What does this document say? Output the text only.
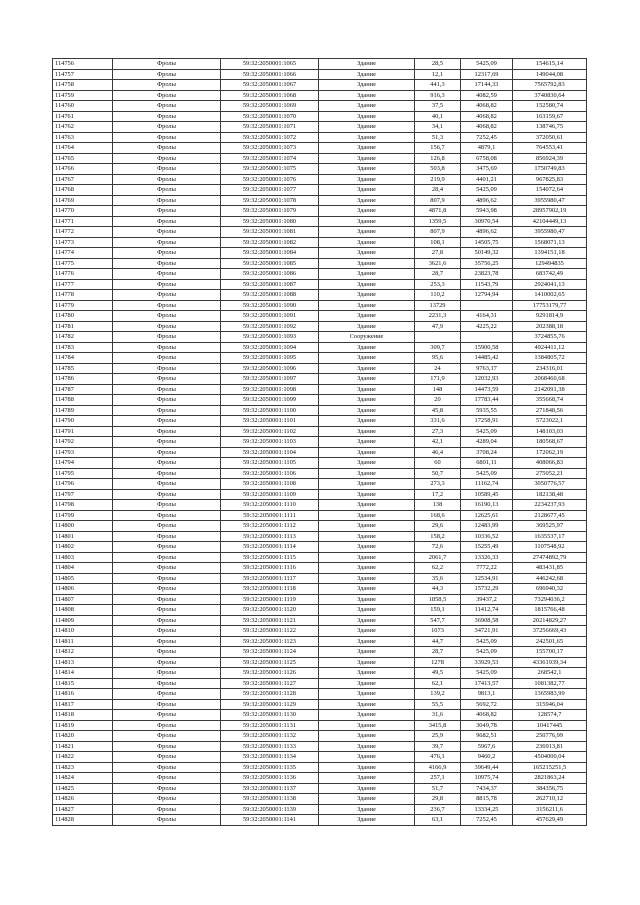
114756	Фролы	59:32:2050001:1065	Здание	28,5	5425,09	154615,14
114757	Фролы	59:32:2050001:1066	Здание	12,1	12317,69	149044,08
114758	Фролы	59:32:2050001:1067	Здание	441,3	17144,33	7565792,83
114759	Фролы	59:32:2050001:1068	Здание	916,3	4082,59	3740830,64
114760	Фролы	59:32:2050001:1069	Здание	37,5	4068,82	152580,74
114761	Фролы	59:32:2050001:1070	Здание	40,1	4068,82	163159,67
114762	Фролы	59:32:2050001:1071	Здание	34,1	4068,82	138746,75
114763	Фролы	59:32:2050001:1072	Здание	51,3	7252,45	372050,61
114764	Фролы	59:32:2050001:1073	Здание	156,7	4879,1	764553,41
114765	Фролы	59:32:2050001:1074	Здание	126,8	6758,08	856924,39
114766	Фролы	59:32:2050001:1075	Здание	503,8	3475,69	1750749,83
114767	Фролы	59:32:2050001:1076	Здание	219,9	4401,21	967825,83
114768	Фролы	59:32:2050001:1077	Здание	28,4	5425,09	154072,64
114769	Фролы	59:32:2050001:1078	Здание	807,9	4896,62	3955980,47
114770	Фролы	59:32:2050001:1079	Здание	4871,8	5943,98	28957902,19
114771	Фролы	59:32:2050001:1080	Здание	1359,5	30970,54	42104449,13
114772	Фролы	59:32:2050001:1081	Здание	807,9	4896,62	3955980,47
114773	Фролы	59:32:2050001:1082	Здание	108,1	14505,75	1568071,13
114774	Фролы	59:32:2050001:1084	Здание	27,8	50149,32	1394151,18
114775	Фролы	59:32:2050001:1085	Здание	3621,6	35756,25	129494835
114776	Фролы	59:32:2050001:1086	Здание	28,7	23823,78	683742,49
114777	Фролы	59:32:2050001:1087	Здание	253,3	11543,79	2924041,13
114778	Фролы	59:32:2050001:1088	Здание	110,2	12794,94	1410002,65
114779	Фролы	59:32:2050001:1090	Здание	13729		17753179,77
114780	Фролы	59:32:2050001:1091	Здание	2231,3	4164,31	9291814,9
114781	Фролы	59:32:2050001:1092	Здание	47,9	4225,22	202388,18
114782	Фролы	59:32:2050001:1093	Сооружение			3724855,76
114783	Фролы	59:32:2050001:1094	Здание	309,7	15900,58	4924411,12
114784	Фролы	59:32:2050001:1095	Здание	95,6	14485,42	1384805,72
114785	Фролы	59:32:2050001:1096	Здание	24	9763,17	234316,01
114786	Фролы	59:32:2050001:1097	Здание	171,9	12032,93	2068460,68
114787	Фролы	59:32:2050001:1098	Здание	148	14473,59	2142091,38
114788	Фролы	59:32:2050001:1099	Здание	20	17783,44	355668,74
114789	Фролы	59:32:2050001:1100	Здание	45,8	5935,55	271848,56
114790	Фролы	59:32:2050001:1101	Здание	331,6	17258,91	5723022,1
114791	Фролы	59:32:2050001:1102	Здание	27,3	5425,09	148103,03
114792	Фролы	59:32:2050001:1103	Здание	42,1	4289,04	180568,67
114793	Фролы	59:32:2050001:1104	Здание	46,4	3708,24	172062,19
114794	Фролы	59:32:2050001:1105	Здание	60	6801,11	408066,83
114795	Фролы	59:32:2050001:1106	Здание	50,7	5425,09	275052,21
114796	Фролы	59:32:2050001:1108	Здание	273,3	11162,74	3050776,57
114797	Фролы	59:32:2050001:1109	Здание	17,2	10589,45	182138,48
114798	Фролы	59:32:2050001:1110	Здание	138	16190,13	2234237,93
114799	Фролы	59:32:2050001:1111	Здание	168,6	12625,61	2128677,45
114800	Фролы	59:32:2050001:1112	Здание	29,6	12483,99	369525,97
114801	Фролы	59:32:2050001:1113	Здание	158,2	10336,52	1635537,17
114802	Фролы	59:32:2050001:1114	Здание	72,6	15255,49	1107548,92
114803	Фролы	59:32:2050001:1115	Здание	2061,7	13326,33	27474892,79
114804	Фролы	59:32:2050001:1116	Здание	62,2	7772,22	483431,85
114805	Фролы	59:32:2050001:1117	Здание	35,6	12534,91	446242,68
114806	Фролы	59:32:2050001:1118	Здание	44,3	15732,29	696940,32
114807	Фролы	59:32:2050001:1119	Здание	1858,5	39437,2	73294036,2
114808	Фролы	59:32:2050001:1120	Здание	159,1	11412,74	1815766,48
114809	Фролы	59:32:2050001:1121	Здание	547,7	36908,58	20214829,27
114810	Фролы	59:32:2050001:1122	Здание	1073	34721,91	37256669,43
114811	Фролы	59:32:2050001:1123	Здание	44,7	5425,09	242501,65
114812	Фролы	59:32:2050001:1124	Здание	28,7	5425,09	155700,17
114813	Фролы	59:32:2050001:1125	Здание	1278	33929,53	43361939,34
114814	Фролы	59:32:2050001:1126	Здание	49,5	5425,09	268542,1
114815	Фролы	59:32:2050001:1127	Здание	62,1	17413,57	1081382,77
114816	Фролы	59:32:2050001:1128	Здание	139,2	9813,1	1365983,99
114817	Фролы	59:32:2050001:1129	Здание	55,5	5692,72	315946,04
114818	Фролы	59:32:2050001:1130	Здание	31,6	4068,82	128574,7
114819	Фролы	59:32:2050001:1131	Здание	3415,8	3049,78	10417445
114820	Фролы	59:32:2050001:1132	Здание	25,9	9682,51	250776,99
114821	Фролы	59:32:2050001:1133	Здание	39,7	5967,6	236913,81
114822	Фролы	59:32:2050001:1134	Здание	476,1	9460,2	4504000,04
114823	Фролы	59:32:2050001:1135	Здание	4166,9	39649,44	165215251,5
114824	Фролы	59:32:2050001:1136	Здание	257,1	10975,74	2821863,24
114825	Фролы	59:32:2050001:1137	Здание	51,7	7434,37	384356,75
114826	Фролы	59:32:2050001:1138	Здание	29,8	8815,78	262710,12
114827	Фролы	59:32:2050001:1139	Здание	236,7	13334,25	3156211,6
114828	Фролы	59:32:2050001:1141	Здание	63,1	7252,45	457629,49
